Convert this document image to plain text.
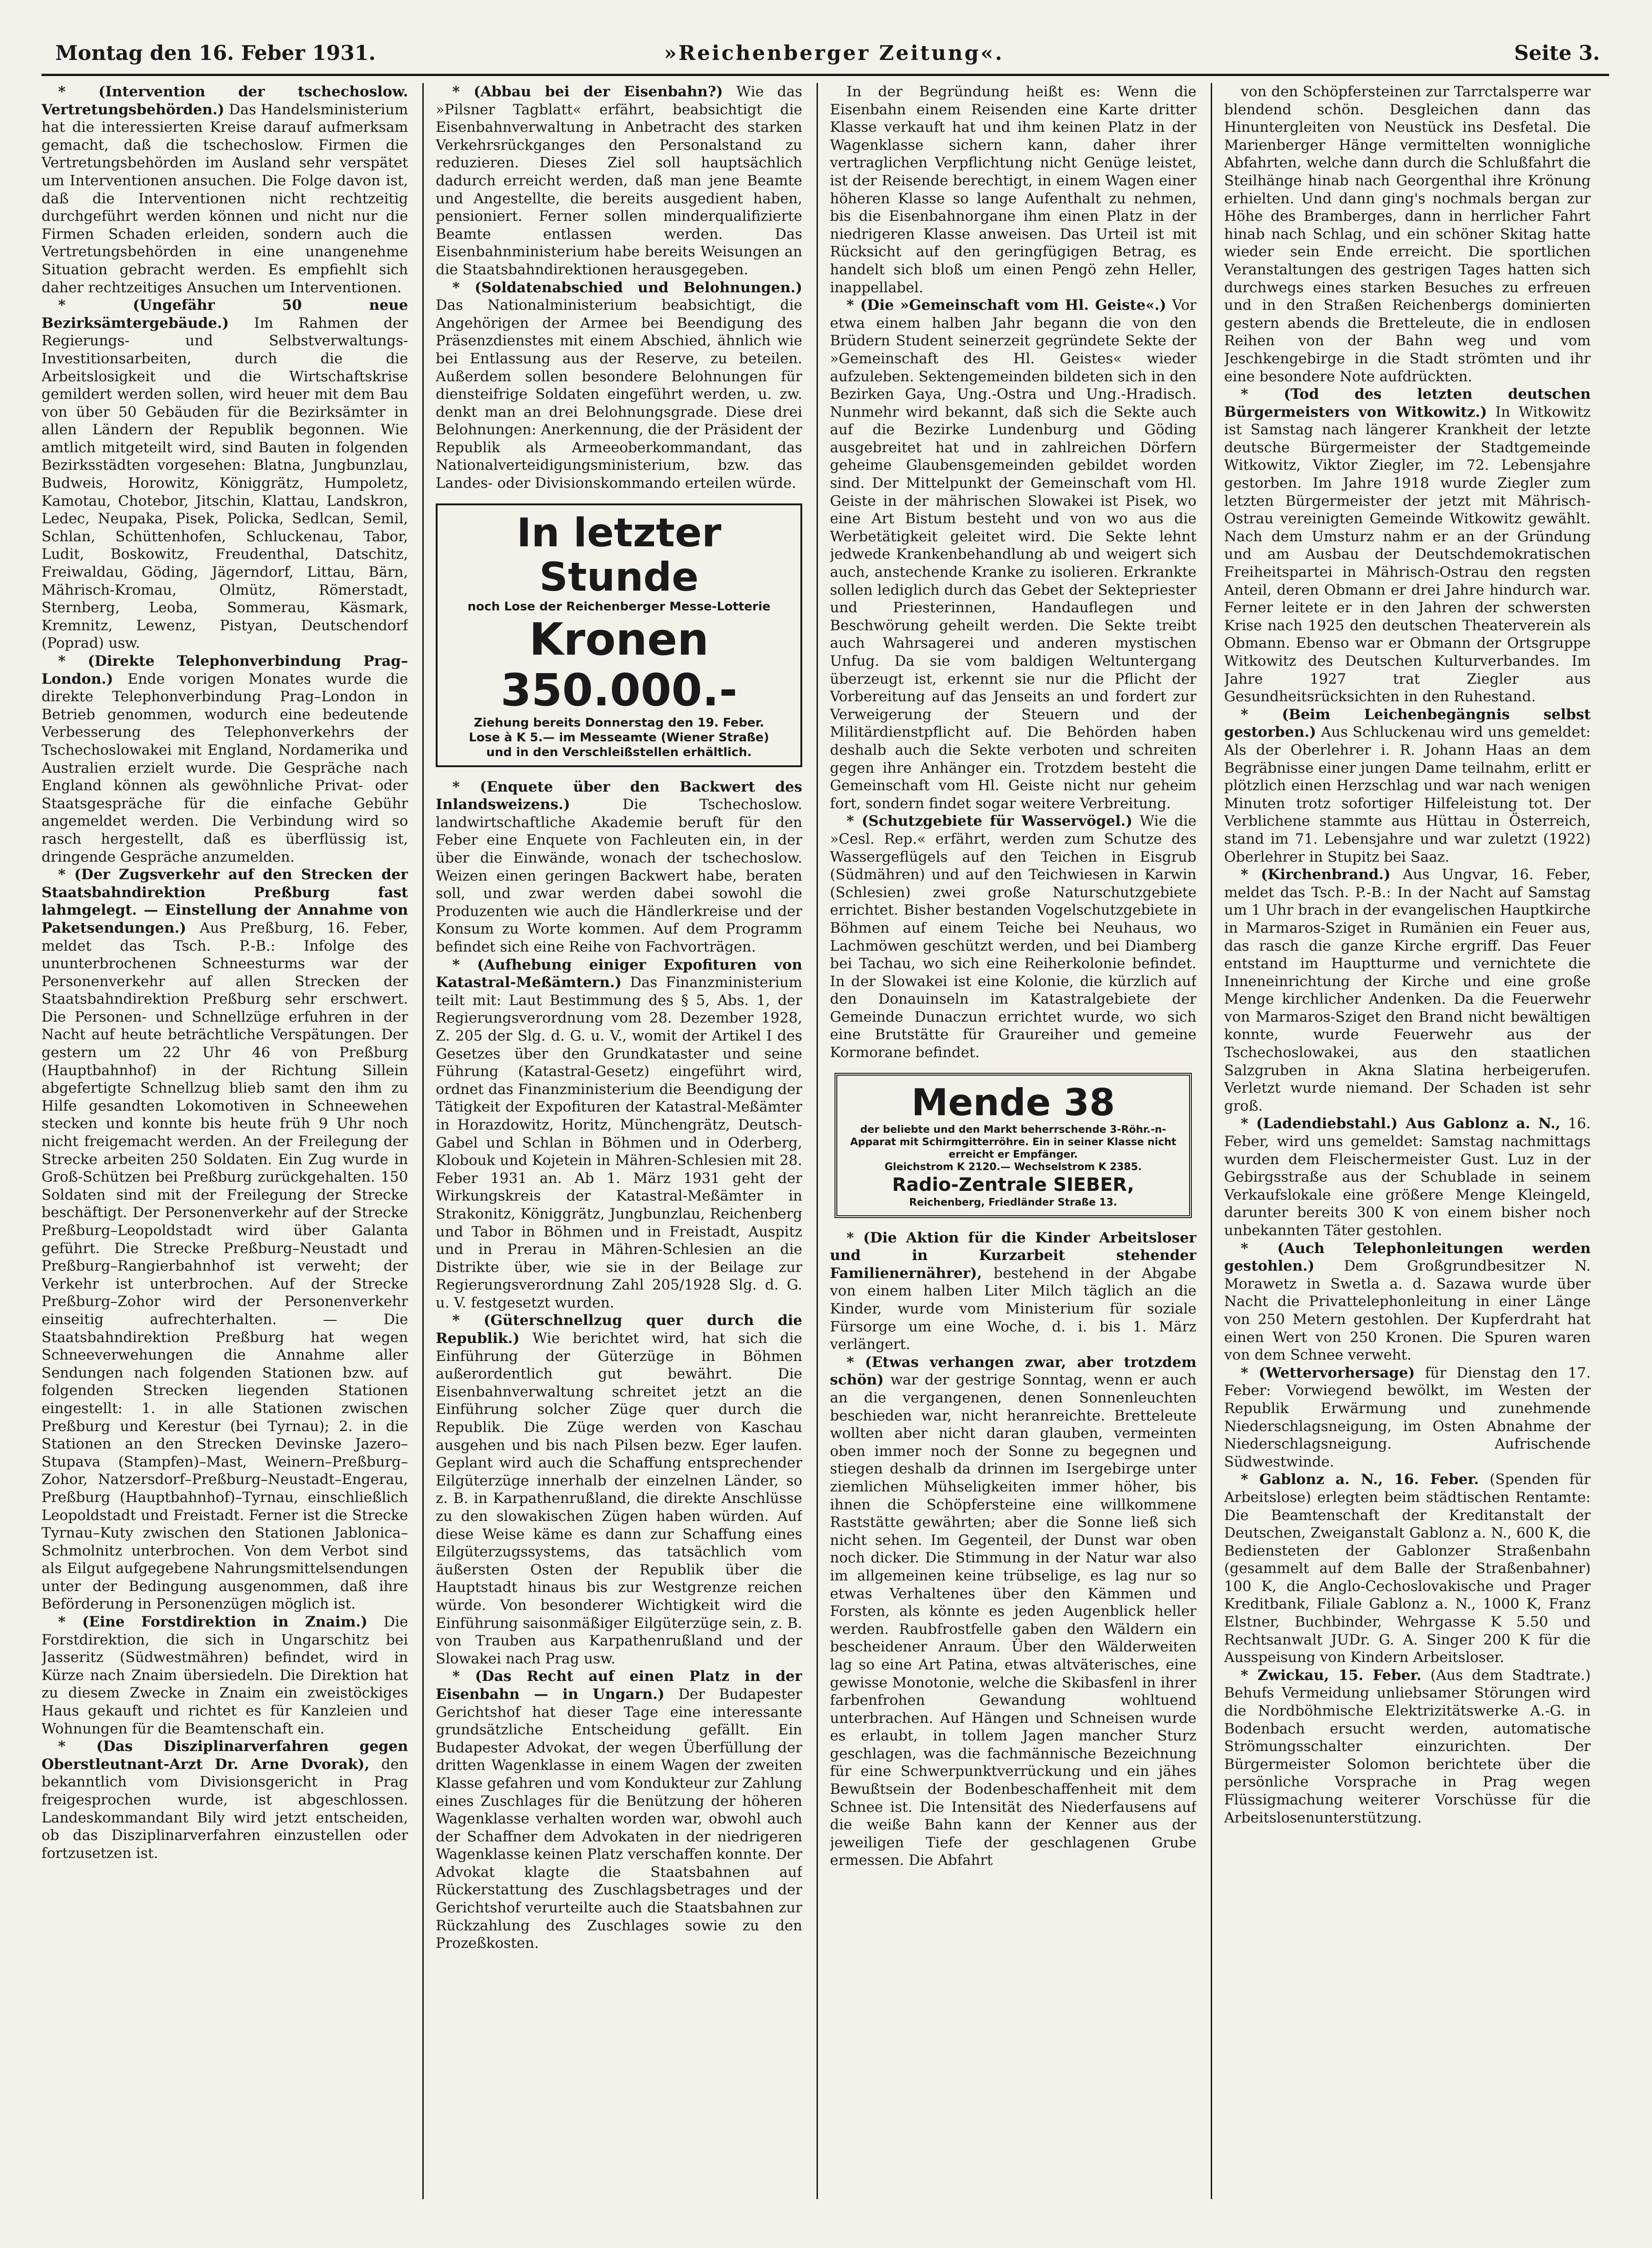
Montag den 16. Feber 1931.	»Reichenberger Zeitung«.	Seite 3.

* (Intervention der tschechoslow. Vertretungsbehörden.) Das Handelsministerium hat die interessierten Kreise darauf aufmerksam gemacht, daß die tschechoslow. Firmen die Vertretungsbehörden im Ausland sehr verspätet um Interventionen ansuchen. Die Folge davon ist, daß die Interventionen nicht rechtzeitig durchgeführt werden können und nicht nur die Firmen Schaden erleiden, sondern auch die Vertretungsbehörden in eine unangenehme Situation gebracht werden. Es empfiehlt sich daher rechtzeitiges Ansuchen um Interventionen.

* (Ungefähr 50 neue Bezirksämtergebäude.) Im Rahmen der Regierungs- und Selbstverwaltungs-Investitionsarbeiten, durch die die Arbeitslosigkeit und die Wirtschaftskrise gemildert werden sollen, wird heuer mit dem Bau von über 50 Gebäuden für die Bezirksämter in allen Ländern der Republik begonnen. Wie amtlich mitgeteilt wird, sind Bauten in folgenden Bezirksstädten vorgesehen: Blatna, Jungbunzlau, Budweis, Horowitz, Königgrätz, Humpoletz, Kamotau, Chotebor, Jitschin, Klattau, Landskron, Ledec, Neupaka, Pisek, Policka, Sedlcan, Semil, Schlan, Schüttenhofen, Schluckenau, Tabor, Ludit, Boskowitz, Freudenthal, Datschitz, Freiwaldau, Göding, Jägerndorf, Littau, Bärn, Mährisch-Kromau, Olmütz, Römerstadt, Sternberg, Leoba, Sommerau, Käsmark, Kremnitz, Lewenz, Pistyan, Deutschendorf (Poprad) usw.

* (Direkte Telephonverbindung Prag–London.) Ende vorigen Monates wurde die direkte Telephonverbindung Prag–London in Betrieb genommen, wodurch eine bedeutende Verbesserung des Telephonverkehrs der Tschechoslowakei mit England, Nordamerika und Australien erzielt wurde. Die Gespräche nach England können als gewöhnliche Privat- oder Staatsgespräche für die einfache Gebühr angemeldet werden. Die Verbindung wird so rasch hergestellt, daß es überflüssig ist, dringende Gespräche anzumelden.

* (Der Zugsverkehr auf den Strecken der Staatsbahndirektion Preßburg fast lahmgelegt. — Einstellung der Annahme von Paketsendungen.) Aus Preßburg, 16. Feber, meldet das Tsch. P.-B.: Infolge des ununterbrochenen Schneesturms war der Personenverkehr auf allen Strecken der Staatsbahndirektion Preßburg sehr erschwert. Die Personen- und Schnellzüge erfuhren in der Nacht auf heute beträchtliche Verspätungen. Der gestern um 22 Uhr 46 von Preßburg (Hauptbahnhof) in der Richtung Sillein abgefertigte Schnellzug blieb samt den ihm zu Hilfe gesandten Lokomotiven in Schneewehen stecken und konnte bis heute früh 9 Uhr noch nicht freigemacht werden. An der Freilegung der Strecke arbeiten 250 Soldaten. Ein Zug wurde in Groß-Schützen bei Preßburg zurückgehalten. 150 Soldaten sind mit der Freilegung der Strecke beschäftigt. Der Personenverkehr auf der Strecke Preßburg–Leopoldstadt wird über Galanta geführt. Die Strecke Preßburg–Neustadt und Preßburg–Rangierbahnhof ist verweht; der Verkehr ist unterbrochen. Auf der Strecke Preßburg–Zohor wird der Personenverkehr einseitig aufrechterhalten. — Die Staatsbahndirektion Preßburg hat wegen Schneeverwehungen die Annahme aller Sendungen nach folgenden Stationen bzw. auf folgenden Strecken liegenden Stationen eingestellt: 1. in alle Stationen zwischen Preßburg und Kerestur (bei Tyrnau); 2. in die Stationen an den Strecken Devinske Jazero–Stupava (Stampfen)–Mast, Weinern–Preßburg–Zohor, Natzersdorf–Preßburg–Neustadt–Engerau, Preßburg (Hauptbahnhof)–Tyrnau, einschließlich Leopoldstadt und Freistadt. Ferner ist die Strecke Tyrnau–Kuty zwischen den Stationen Jablonica–Schmolnitz unterbrochen. Von dem Verbot sind als Eilgut aufgegebene Nahrungsmittelsendungen unter der Bedingung ausgenommen, daß ihre Beförderung in Personenzügen möglich ist.

* (Eine Forstdirektion in Znaim.) Die Forstdirektion, die sich in Ungarschitz bei Jasseritz (Südwestmähren) befindet, wird in Kürze nach Znaim übersiedeln. Die Direktion hat zu diesem Zwecke in Znaim ein zweistöckiges Haus gekauft und richtet es für Kanzleien und Wohnungen für die Beamtenschaft ein.

* (Das Disziplinarverfahren gegen Oberstleutnant-Arzt Dr. Arne Dvorak), den bekanntlich vom Divisionsgericht in Prag freigesprochen wurde, ist abgeschlossen. Landeskommandant Bily wird jetzt entscheiden, ob das Disziplinarverfahren einzustellen oder fortzusetzen ist.

* (Abbau bei der Eisenbahn?) Wie das »Pilsner Tagblatt« erfährt, beabsichtigt die Eisenbahnverwaltung in Anbetracht des starken Verkehrsrückganges den Personalstand zu reduzieren. Dieses Ziel soll hauptsächlich dadurch erreicht werden, daß man jene Beamte und Angestellte, die bereits ausgedient haben, pensioniert. Ferner sollen minderqualifizierte Beamte entlassen werden. Das Eisenbahnministerium habe bereits Weisungen an die Staatsbahndirektionen herausgegeben.

* (Soldatenabschied und Belohnungen.) Das Nationalministerium beabsichtigt, die Angehörigen der Armee bei Beendigung des Präsenzdienstes mit einem Abschied, ähnlich wie bei Entlassung aus der Reserve, zu beteilen. Außerdem sollen besondere Belohnungen für diensteifrige Soldaten eingeführt werden, u. zw. denkt man an drei Belohnungsgrade. Diese drei Belohnungen: Anerkennung, die der Präsident der Republik als Armeeoberkommandant, das Nationalverteidigungsministerium, bzw. das Landes- oder Divisionskommando erteilen würde.

In letzter Stunde
noch Lose der Reichenberger Messe-Lotterie
Kronen 350.000.-
Ziehung bereits Donnerstag den 19. Feber.
Lose à K 5.— im Messeamte (Wiener Straße)
und in den Verschleißstellen erhältlich.

* (Enquete über den Backwert des Inlandsweizens.)	Die Tschechoslow. landwirtschaftliche Akademie beruft für den Feber eine Enquete von Fachleuten ein, in der über die Einwände, wonach der tschechoslow. Weizen einen geringen Backwert habe, beraten soll, und zwar werden dabei sowohl die Produzenten wie auch die Händlerkreise und der Konsum zu Worte kommen. Auf dem Programm befindet sich eine Reihe von Fachvorträgen.

* (Aufhebung einiger Expofituren von Katastral-Meßämtern.) Das Finanzministerium teilt mit: Laut Bestimmung des § 5, Abs. 1, der Regierungsverordnung vom 28. Dezember 1928, Z. 205 der Slg. d. G. u. V., womit der Artikel I des Gesetzes über den Grundkataster und seine Führung (Katastral-Gesetz) eingeführt wird, ordnet das Finanzministerium die Beendigung der Tätigkeit der Expofituren der Katastral-Meßämter in Horazdowitz, Horitz, Münchengrätz, Deutsch-Gabel und Schlan in Böhmen und in Oderberg, Klobouk und Kojetein in Mähren-Schlesien mit 28. Feber 1931 an. Ab 1. März 1931 geht der Wirkungskreis der Katastral-Meßämter in Strakonitz, Königgrätz, Jungbunzlau, Reichenberg und Tabor in Böhmen und in Freistadt, Auspitz und in Prerau in Mähren-Schlesien an die Distrikte über, wie sie in der Beilage zur Regierungsverordnung Zahl 205/1928 Slg. d. G. u. V. festgesetzt wurden.

* (Güterschnellzug quer durch die Republik.) Wie berichtet wird, hat sich die Einführung der Güterzüge in Böhmen außerordentlich gut bewährt. Die Eisenbahnverwaltung schreitet jetzt an die Einführung solcher Züge quer durch die Republik. Die Züge werden von Kaschau ausgehen und bis nach Pilsen bezw. Eger laufen. Geplant wird auch die Schaffung entsprechender Eilgüterzüge innerhalb der einzelnen Länder, so z. B. in Karpathenrußland, die direkte Anschlüsse zu den slowakischen Zügen haben würden. Auf diese Weise käme es dann zur Schaffung eines Eilgüterzugssystems, das tatsächlich vom äußersten Osten der Republik über die Hauptstadt hinaus bis zur Westgrenze reichen würde. Von besonderer Wichtigkeit wird die Einführung saisonmäßiger Eilgüterzüge sein, z. B. von Trauben aus Karpathenrußland und der Slowakei nach Prag usw.

* (Das Recht auf einen Platz in der Eisenbahn — in Ungarn.) Der Budapester Gerichtshof hat dieser Tage eine interessante grundsätzliche Entscheidung gefällt. Ein Budapester Advokat, der wegen Überfüllung der dritten Wagenklasse in einem Wagen der zweiten Klasse gefahren und vom Kondukteur zur Zahlung eines Zuschlages für die Benützung der höheren Wagenklasse verhalten worden war, obwohl auch der Schaffner dem Advokaten in der niedrigeren Wagenklasse keinen Platz verschaffen konnte. Der Advokat klagte die Staatsbahnen auf Rückerstattung des Zuschlagsbetrages und der Gerichtshof verurteilte auch die Staatsbahnen zur Rückzahlung des Zuschlages sowie zu den Prozeßkosten.

In der Begründung heißt es: Wenn die Eisenbahn einem Reisenden eine Karte dritter Klasse verkauft hat und ihm keinen Platz in der Wagenklasse sichern kann, daher ihrer vertraglichen Verpflichtung nicht Genüge leistet, ist der Reisende berechtigt, in einem Wagen einer höheren Klasse so lange Aufenthalt zu nehmen, bis die Eisenbahnorgane ihm einen Platz in der niedrigeren Klasse anweisen. Das Urteil ist mit Rücksicht auf den geringfügigen Betrag, es handelt sich bloß um einen Pengö zehn Heller, inappellabel.

* (Die »Gemeinschaft vom Hl. Geiste«.) Vor etwa einem halben Jahr begann die von den Brüdern Student seinerzeit gegründete Sekte der »Gemeinschaft des Hl. Geistes« wieder aufzuleben. Sektengemeinden bildeten sich in den Bezirken Gaya, Ung.-Ostra und Ung.-Hradisch. Nunmehr wird bekannt, daß sich die Sekte auch auf die Bezirke Lundenburg und Göding ausgebreitet hat und in zahlreichen Dörfern geheime Glaubensgemeinden gebildet worden sind. Der Mittelpunkt der Gemeinschaft vom Hl. Geiste in der mährischen Slowakei ist Pisek, wo eine Art Bistum besteht und von wo aus die Werbetätigkeit geleitet wird. Die Sekte lehnt jedwede Krankenbehandlung ab und weigert sich auch, anstechende Kranke zu isolieren. Erkrankte sollen lediglich durch das Gebet der Sektepriester und Priesterinnen, Handauflegen und Beschwörung geheilt werden. Die Sekte treibt auch Wahrsagerei und anderen mystischen Unfug. Da sie vom baldigen Weltuntergang überzeugt ist, erkennt sie nur die Pflicht der Vorbereitung auf das Jenseits an und fordert zur Verweigerung der Steuern und der Militärdienstpflicht auf. Die Behörden haben deshalb auch die Sekte verboten und schreiten gegen ihre Anhänger ein. Trotzdem besteht die Gemeinschaft vom Hl. Geiste nicht nur geheim fort, sondern findet sogar weitere Verbreitung.

* (Schutzgebiete für Wasservögel.) Wie die »Cesl. Rep.« erfährt, werden zum Schutze des Wassergeflügels auf den Teichen in Eisgrub (Südmähren) und auf den Teichwiesen in Karwin (Schlesien) zwei große Naturschutzgebiete errichtet. Bisher bestanden Vogelschutzgebiete in Böhmen auf einem Teiche bei Neuhaus, wo Lachmöwen geschützt werden, und bei Diamberg bei Tachau, wo sich eine Reiherkolonie befindet. In der Slowakei ist eine Kolonie, die kürzlich auf den Donauinseln im Katastralgebiete der Gemeinde Dunaczun errichtet wurde, wo sich eine Brutstätte für Graureiher und gemeine Kormorane befindet.

Mende 38
der beliebte und den Markt beherrschende 3-Röhr.-n-Apparat mit Schirmgitterröhre. Ein in seiner Klasse nicht erreicht er Empfänger.
Gleichstrom K 2120.— Wechselstrom K 2385.
Radio-Zentrale SIEBER,
Reichenberg, Friedländer Straße 13.

* (Die Aktion für die Kinder Arbeitsloser und in Kurzarbeit stehender Familienernährer), bestehend in der Abgabe von einem halben Liter Milch täglich an die Kinder, wurde vom Ministerium für soziale Fürsorge um eine Woche, d. i. bis 1. März verlängert.

* (Etwas verhangen zwar, aber trotzdem schön) war der gestrige Sonntag, wenn er auch an die vergangenen, denen Sonnenleuchten beschieden war, nicht heranreichte. Bretteleute wollten aber nicht daran glauben, vermeinten oben immer noch der Sonne zu begegnen und stiegen deshalb da drinnen im Isergebirge unter ziemlichen Mühseligkeiten immer höher, bis ihnen die Schöpfersteine eine willkommene Raststätte gewährten; aber die Sonne ließ sich nicht sehen. Im Gegenteil, der Dunst war oben noch dicker. Die Stimmung in der Natur war also im allgemeinen keine trübselige, es lag nur so etwas Verhaltenes über den Kämmen und Forsten, als könnte es jeden Augenblick heller werden. Raubfrostfelle gaben den Wäldern ein bescheidener Anraum. Über den Wälderweiten lag so eine Art Patina, etwas altväterisches, eine gewisse Monotonie, welche die Skibasfenl in ihrer farbenfrohen Gewandung wohltuend unterbrachen. Auf Hängen und Schneisen wurde es erlaubt, in tollem Jagen mancher Sturz geschlagen, was die fachmännische Bezeichnung für eine Schwerpunktverrückung und ein jähes Bewußtsein der Bodenbeschaffenheit mit dem Schnee ist. Die Intensität des Niederfausens auf die weiße Bahn kann der Kenner aus der jeweiligen Tiefe der geschlagenen Grube ermessen. Die Abfahrt

von den Schöpfersteinen zur Tarrctalsperre war blendend schön. Desgleichen dann das Hinuntergleiten von Neustück ins Desfetal. Die Marienberger Hänge vermittelten wonnigliche Abfahrten, welche dann durch die Schlußfahrt die Steilhänge hinab nach Georgenthal ihre Krönung erhielten. Und dann ging's nochmals bergan zur Höhe des Bramberges, dann in herrlicher Fahrt hinab nach Schlag, und ein schöner Skitag hatte wieder sein Ende erreicht. Die sportlichen Veranstaltungen des gestrigen Tages hatten sich durchwegs eines starken Besuches zu erfreuen und in den Straßen Reichenbergs dominierten gestern abends die Bretteleute, die in endlosen Reihen von der Bahn weg und vom Jeschkengebirge in die Stadt strömten und ihr eine besondere Note aufdrückten.

* (Tod des letzten deutschen Bürgermeisters von Witkowitz.) In Witkowitz ist Samstag nach längerer Krankheit der letzte deutsche Bürgermeister der Stadtgemeinde Witkowitz, Viktor Ziegler, im 72. Lebensjahre gestorben. Im Jahre 1918 wurde Ziegler zum letzten Bürgermeister der jetzt mit Mährisch-Ostrau vereinigten Gemeinde Witkowitz gewählt. Nach dem Umsturz nahm er an der Gründung und am Ausbau der Deutschdemokratischen Freiheitspartei in Mährisch-Ostrau den regsten Anteil, deren Obmann er drei Jahre hindurch war. Ferner leitete er in den Jahren der schwersten Krise nach 1925 den deutschen Theaterverein als Obmann. Ebenso war er Obmann der Ortsgruppe Witkowitz des Deutschen Kulturverbandes. Im Jahre 1927 trat Ziegler aus Gesundheitsrücksichten in den Ruhestand.

* (Beim Leichenbegängnis selbst gestorben.) Aus Schluckenau wird uns gemeldet: Als der Oberlehrer i. R. Johann Haas an dem Begräbnisse einer jungen Dame teilnahm, erlitt er plötzlich einen Herzschlag und war nach wenigen Minuten trotz sofortiger Hilfeleistung tot. Der Verblichene stammte aus Hüttau in Österreich, stand im 71. Lebensjahre und war zuletzt (1922) Oberlehrer in Stupitz bei Saaz.

* (Kirchenbrand.) Aus Ungvar, 16. Feber, meldet das Tsch. P.-B.: In der Nacht auf Samstag um 1 Uhr brach in der evangelischen Hauptkirche in Marmaros-Sziget in Rumänien ein Feuer aus, das rasch die ganze Kirche ergriff. Das Feuer entstand im Hauptturme und vernichtete die Inneneinrichtung der Kirche und eine große Menge kirchlicher Andenken. Da die Feuerwehr von Marmaros-Sziget den Brand nicht bewältigen konnte, wurde Feuerwehr aus der Tschechoslowakei, aus den staatlichen Salzgruben in Akna Slatina herbeigerufen. Verletzt wurde niemand. Der Schaden ist sehr groß.

* (Ladendiebstahl.) Aus Gablonz a. N., 16. Feber, wird uns gemeldet: Samstag nachmittags wurden dem Fleischermeister Gust. Luz in der Gebirgsstraße aus der Schublade in seinem Verkaufslokale eine größere Menge Kleingeld, darunter bereits 300 K von einem bisher noch unbekannten Täter gestohlen.

* (Auch Telephonleitungen werden gestohlen.) Dem Großgrundbesitzer N. Morawetz in Swetla a. d. Sazawa wurde über Nacht die Privattelephonleitung in einer Länge von 250 Metern gestohlen. Der Kupferdraht hat einen Wert von 250 Kronen. Die Spuren waren von dem Schnee verweht.

* (Wettervorhersage) für Dienstag den 17. Feber: Vorwiegend bewölkt, im Westen der Republik Erwärmung und zunehmende Niederschlagsneigung, im Osten Abnahme der Niederschlagsneigung. Aufrischende Südwestwinde.

* Gablonz a. N., 16. Feber. (Spenden für Arbeitslose) erlegten beim städtischen Rentamte: Die Beamtenschaft der Kreditanstalt der Deutschen, Zweiganstalt Gablonz a. N., 600 K, die Bediensteten der Gablonzer Straßenbahn (gesammelt auf dem Balle der Straßenbahner) 100 K, die Anglo-Cechoslovakische und Prager Kreditbank, Filiale Gablonz a. N., 1000 K, Franz Elstner, Buchbinder, Wehrgasse K 5.50 und Rechtsanwalt JUDr. G. A. Singer 200 K für die Ausspeisung von Kindern Arbeitsloser.

* Zwickau, 15. Feber. (Aus dem Stadtrate.) Behufs Vermeidung unliebsamer Störungen wird die Nordböhmische Elektrizitätswerke A.-G. in Bodenbach ersucht werden, automatische Strömungsschalter einzurichten. Der Bürgermeister Solomon berichtete über die persönliche Vorsprache in Prag wegen Flüssigmachung weiterer Vorschüsse für die Arbeitslosenunterstützung.
